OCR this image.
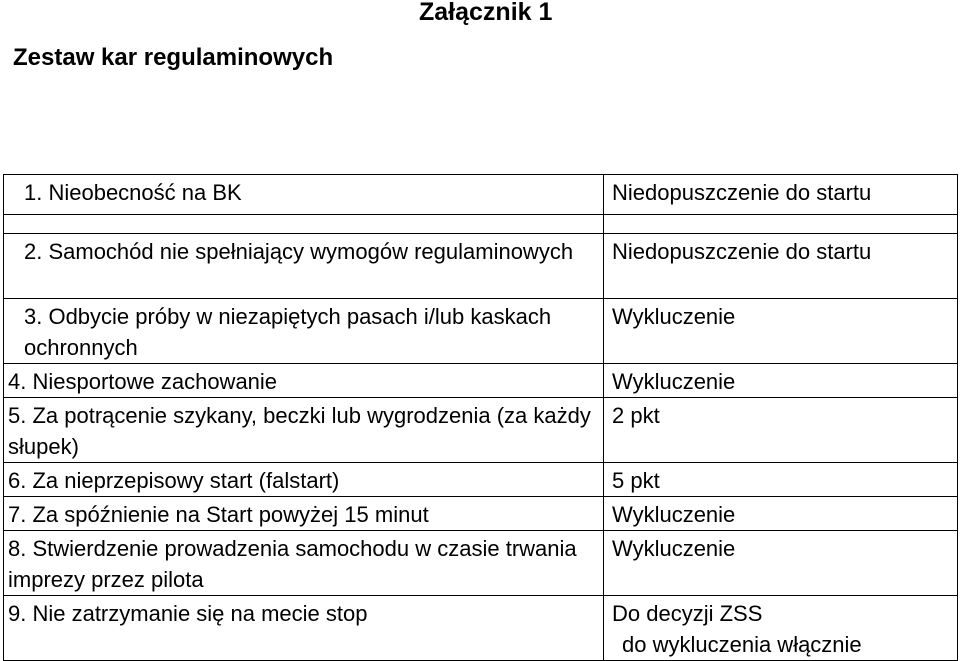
Załącznik 1
Zestaw kar regulaminowych
1. Nieobecność na BK	Niedopuszczenie do startu

2. Samochód nie spełniający wymogów regulaminowych	Niedopuszczenie do startu
3. Odbycie próby w niezapiętych pasach i/lub kaskach ochronnych	Wykluczenie
4. Niesportowe zachowanie	Wykluczenie
5. Za potrącenie szykany, beczki lub wygrodzenia (za każdy słupek)	2 pkt
6. Za nieprzepisowy start (falstart)	5 pkt
7. Za spóźnienie na Start powyżej 15 minut	Wykluczenie
8. Stwierdzenie prowadzenia samochodu w czasie trwania imprezy przez pilota	Wykluczenie
9. Nie zatrzymanie się na mecie stop	Do decyzji ZSS
do wykluczenia włącznie
